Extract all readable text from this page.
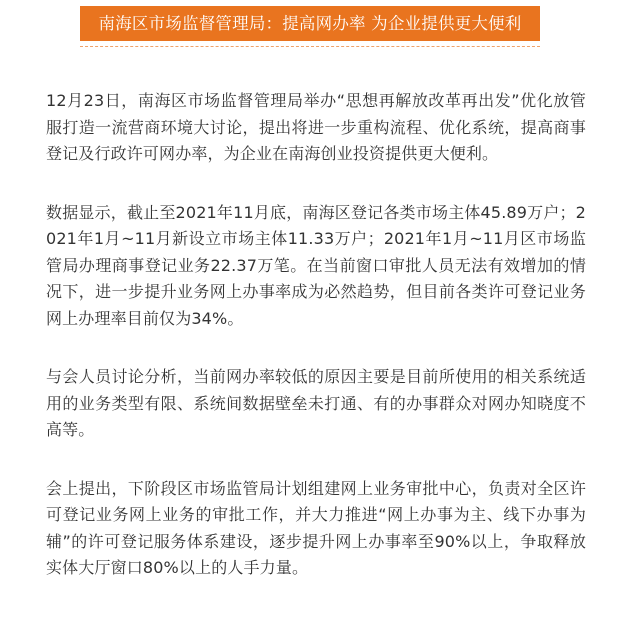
南海区市场监督管理局：提高网办率 为企业提供更大便利

12月23日，南海区市场监督管理局举办“思想再解放改革再出发”优化放管服打造一流营商环境大讨论，提出将进一步重构流程、优化系统，提高商事登记及行政许可网办率，为企业在南海创业投资提供更大便利。

数据显示，截止至2021年11月底，南海区登记各类市场主体45.89万户；2021年1月~11月新设立市场主体11.33万户；2021年1月~11月区市场监管局办理商事登记业务22.37万笔。在当前窗口审批人员无法有效增加的情况下，进一步提升业务网上办事率成为必然趋势，但目前各类许可登记业务网上办理率目前仅为34%。

与会人员讨论分析，当前网办率较低的原因主要是目前所使用的相关系统适用的业务类型有限、系统间数据壁垒未打通、有的办事群众对网办知晓度不高等。

会上提出，下阶段区市场监管局计划组建网上业务审批中心，负责对全区许可登记业务网上业务的审批工作，并大力推进“网上办事为主、线下办事为辅”的许可登记服务体系建设，逐步提升网上办事率至90%以上，争取释放实体大厅窗口80%以上的人手力量。
